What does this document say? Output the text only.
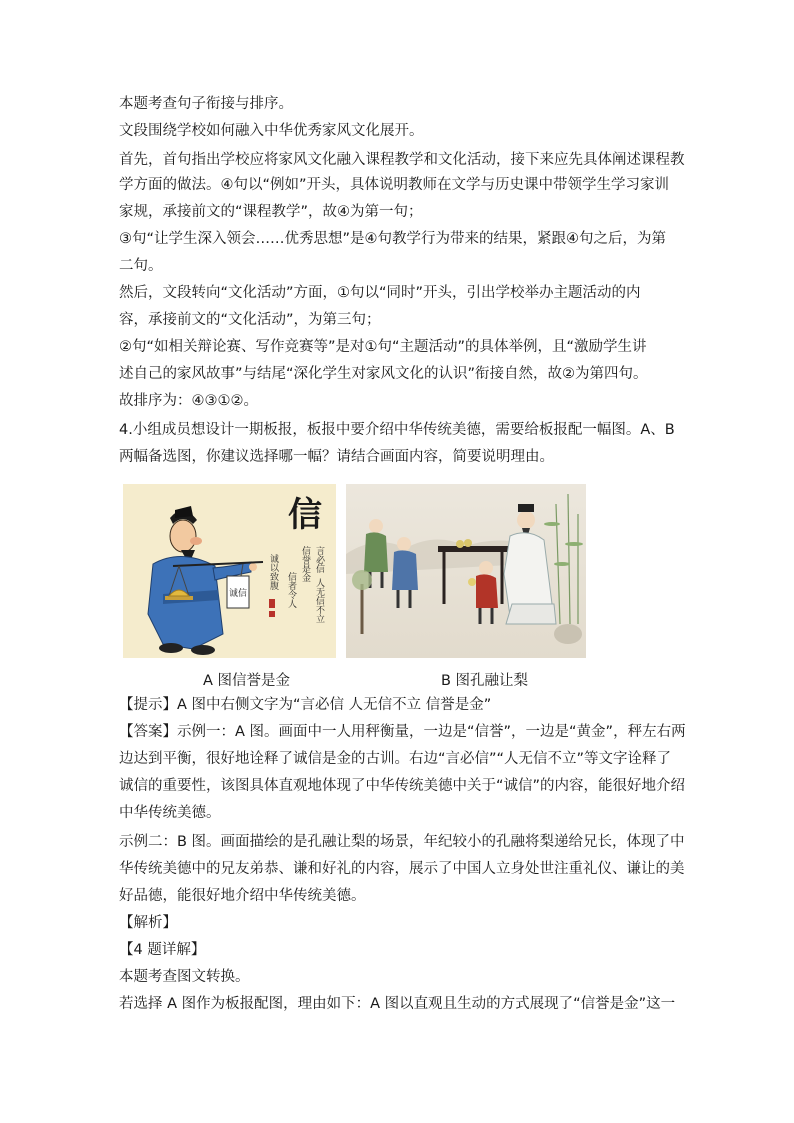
本题考查句子衔接与排序。
文段围绕学校如何融入中华优秀家风文化展开。
首先，首句指出学校应将家风文化融入课程教学和文化活动，接下来应先具体阐述课程教
学方面的做法。④句以“例如”开头，具体说明教师在文学与历史课中带领学生学习家训
家规，承接前文的“课程教学”，故④为第一句；
③句“让学生深入领会……优秀思想”是④句教学行为带来的结果，紧跟④句之后，为第
二句。
然后，文段转向“文化活动”方面，①句以“同时”开头，引出学校举办主题活动的内
容，承接前文的“文化活动”，为第三句；
②句“如相关辩论赛、写作竞赛等”是对①句“主题活动”的具体举例，且“激励学生讲
述自己的家风故事”与结尾“深化学生对家风文化的认识”衔接自然，故②为第四句。
故排序为：④③①②。
4.小组成员想设计一期板报，板报中要介绍中华传统美德，需要给板报配一幅图。A、B
两幅备选图，你建议选择哪一幅？请结合画面内容，简要说明理由。
信
言必信
人无信不立
信誉是金
信者令人
诚以致腹
诚信
A 图信誉是金	B 图孔融让梨
【提示】A 图中右侧文字为“言必信 人无信不立 信誉是金”
【答案】示例一：A 图。画面中一人用秤衡量，一边是“信誉”，一边是“黄金”，秤左右两
边达到平衡，很好地诠释了诚信是金的古训。右边“言必信”“人无信不立”等文字诠释了
诚信的重要性，该图具体直观地体现了中华传统美德中关于“诚信”的内容，能很好地介绍
中华传统美德。
示例二：B 图。画面描绘的是孔融让梨的场景，年纪较小的孔融将梨递给兄长，体现了中
华传统美德中的兄友弟恭、谦和好礼的内容，展示了中国人立身处世注重礼仪、谦让的美
好品德，能很好地介绍中华传统美德。
【解析】
【4 题详解】
本题考查图文转换。
若选择 A 图作为板报配图，理由如下：A 图以直观且生动的方式展现了“信誉是金”这一
